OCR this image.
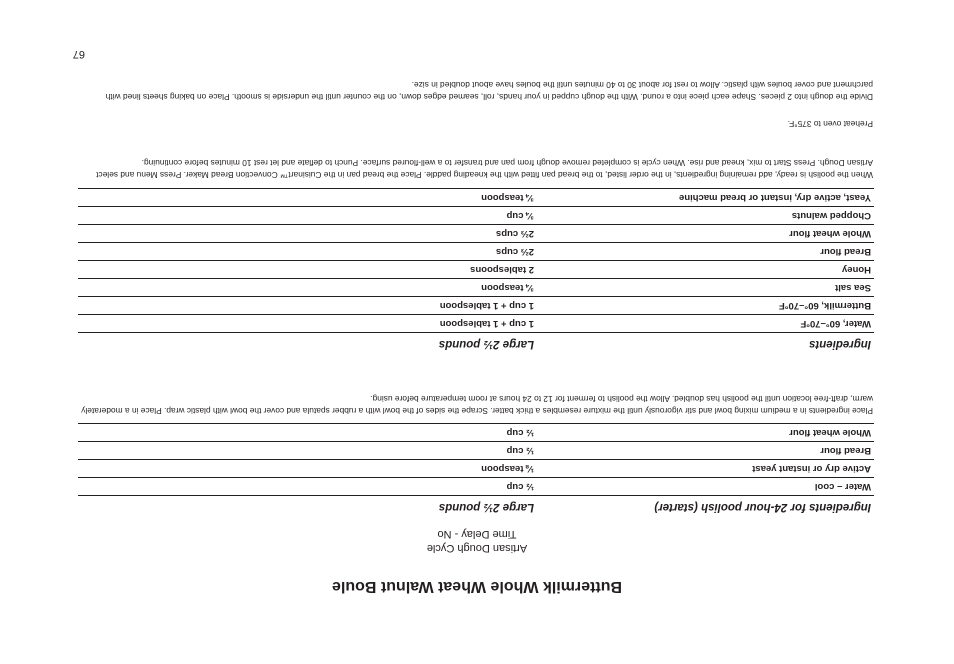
67
Buttermilk Whole Wheat Walnut Boule
Artisan Dough Cycle
Time Delay - No
Ingredients for 24-hour poolish (starter)	Large 2½ pounds
Water – cool	½ cup
Active dry or instant yeast	⅛ teaspoon
Bread flour	½ cup
Whole wheat flour	½ cup

Place ingredients in a medium mixing bowl and stir vigorously until the mixture resembles a thick batter. Scrape the sides of the bowl with a rubber spatula and cover the bowl with plastic wrap. Place in a moderately warm, draft-free location until the poolish has doubled. Allow the poolish to ferment for 12 to 24 hours at room temperature before using.

Ingredients	Large 2½ pounds
Water, 60°–70°F	1 cup + 1 tablespoon
Buttermilk, 60°–70°F	1 cup + 1 tablespoon
Sea salt	¾ teaspoon
Honey	2 tablespoons
Bread flour	2⅔ cups
Whole wheat flour	2⅔ cups
Chopped walnuts	¾ cup
Yeast, active dry, instant or bread machine	¾ teaspoon

When the poolish is ready, add remaining ingredients, in the order listed, to the bread pan fitted with the kneading paddle. Place the bread pan in the Cuisinart™ Convection Bread Maker. Press Menu and select Artisan Dough. Press Start to mix, knead and rise. When cycle is completed remove dough from pan and transfer to a well-floured surface. Punch to deflate and let rest 10 minutes before continuing.

Preheat oven to 375°F.

Divide the dough into 2 pieces. Shape each piece into a round. With the dough cupped in your hands, roll, seamed edges down, on the counter until the underside is smooth. Place on baking sheets lined with parchment and cover boules with plastic. Allow to rest for about 30 to 40 minutes until the boules have about doubled in size.
